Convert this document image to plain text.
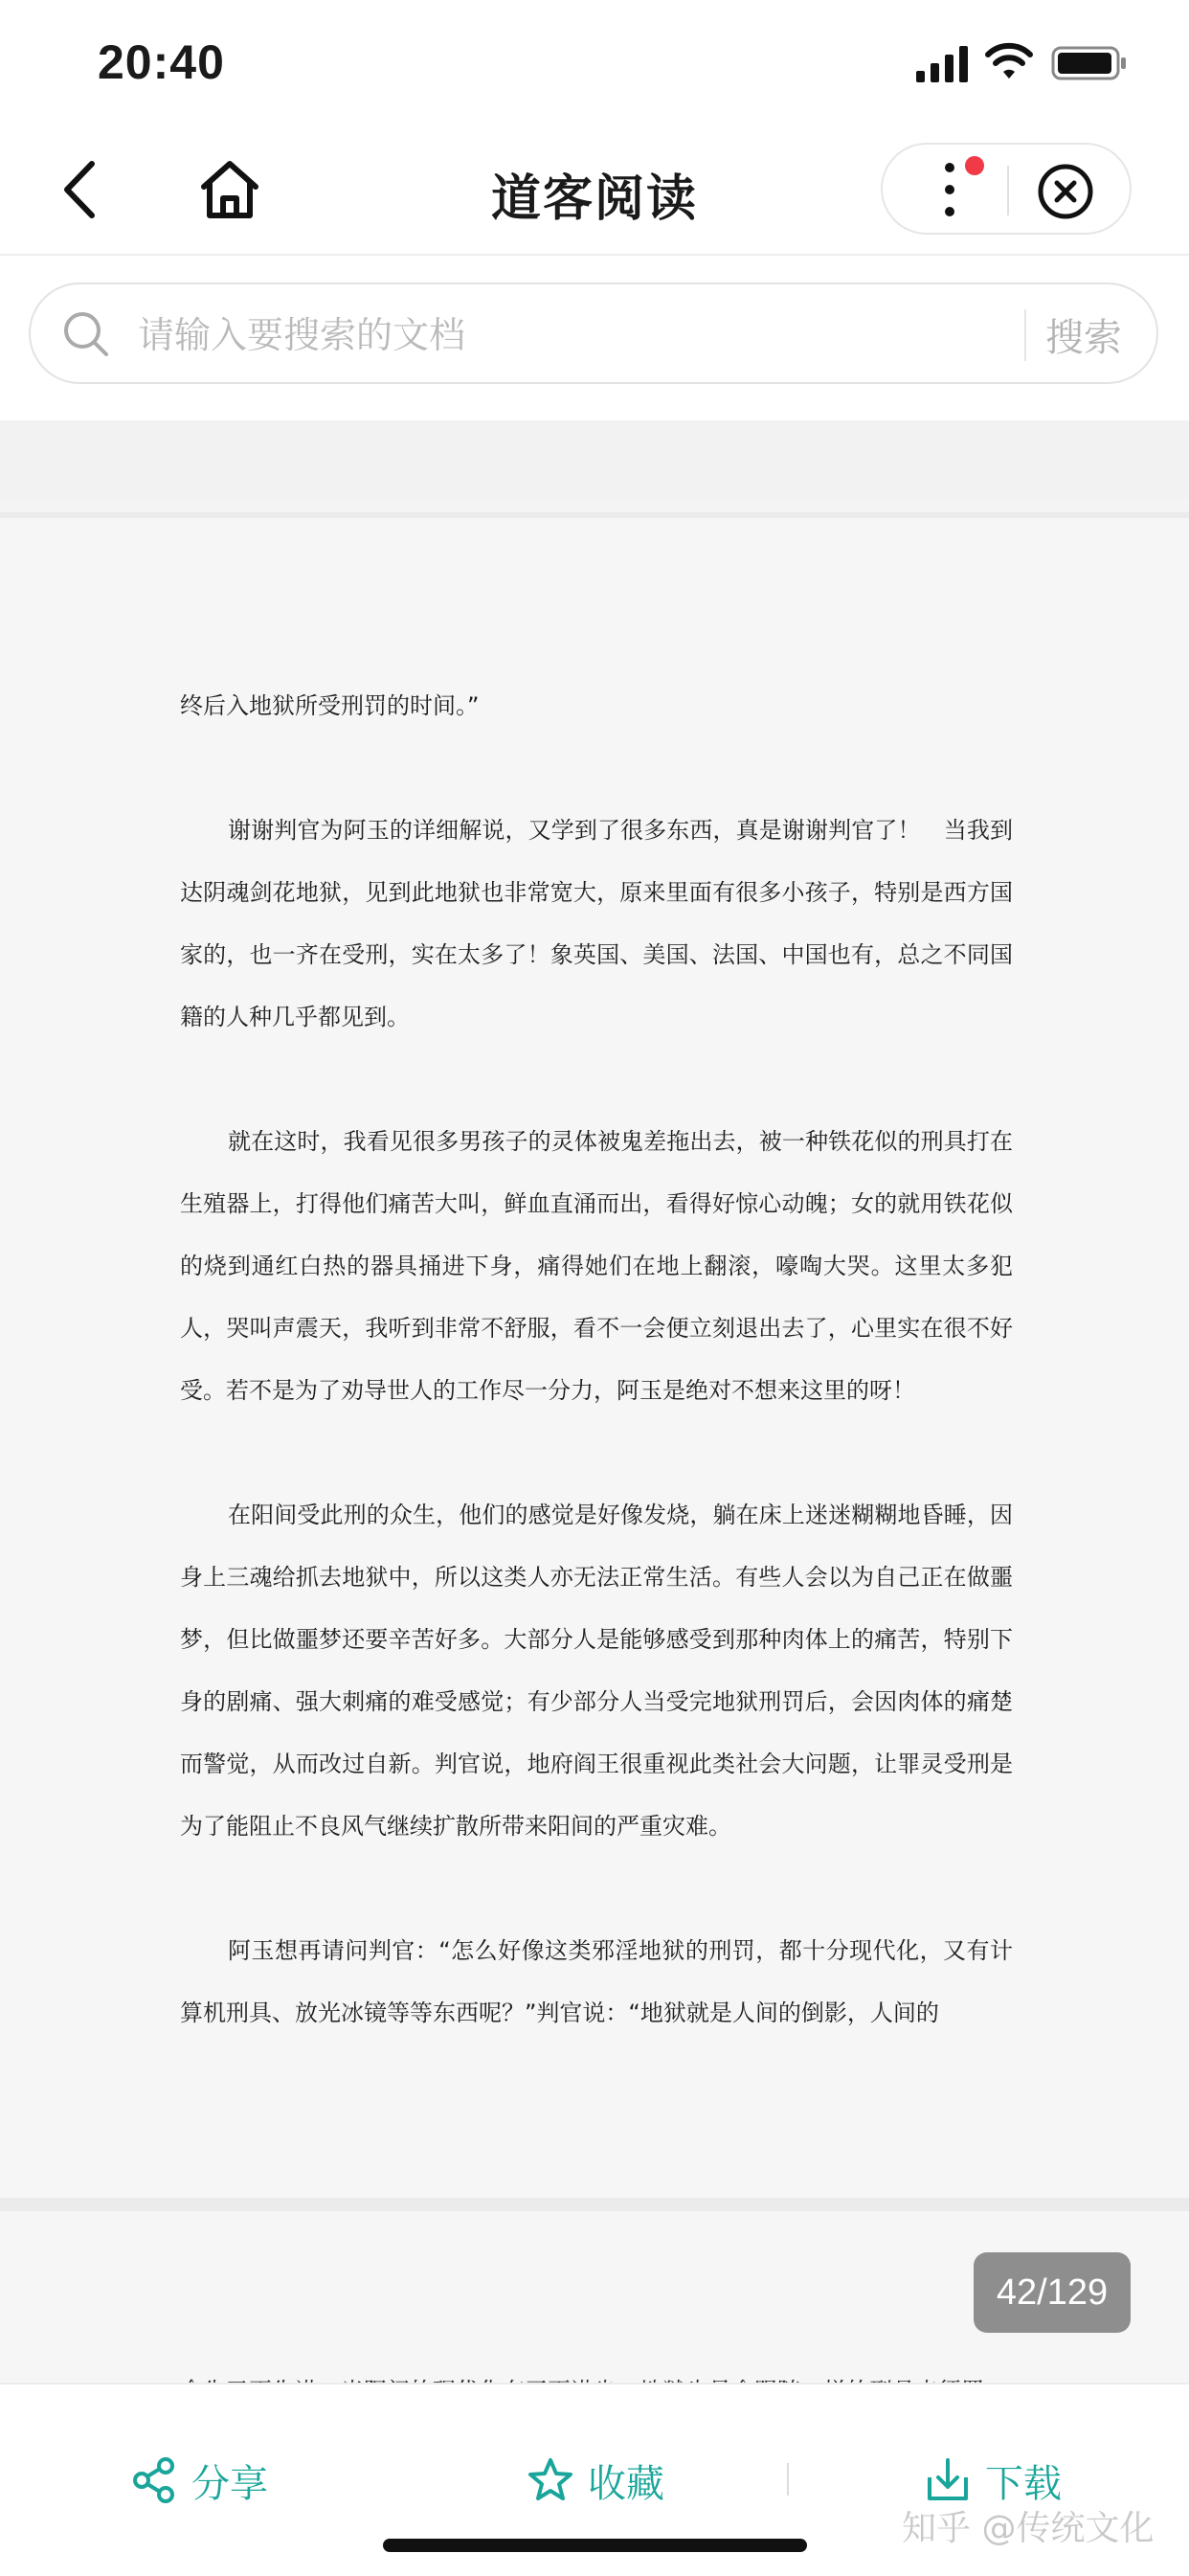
20:40
道客阅读
请输入要搜索的文档
搜索

终后入地狱所受刑罚的时间。”

谢谢判官为阿玉的详细解说，又学到了很多东西，真是谢谢判官了！　当我到达阴魂剑花地狱，见到此地狱也非常宽大，原来里面有很多小孩子，特别是西方国家的，也一齐在受刑，实在太多了！象英国、美国、法国、中国也有，总之不同国籍的人种几乎都见到。

就在这时，我看见很多男孩子的灵体被鬼差拖出去，被一种铁花似的刑具打在生殖器上，打得他们痛苦大叫，鲜血直涌而出，看得好惊心动魄；女的就用铁花似的烧到通红白热的器具捅进下身，痛得她们在地上翻滚，嚎啕大哭。这里太多犯人，哭叫声震天，我听到非常不舒服，看不一会便立刻退出去了，心里实在很不好受。若不是为了劝导世人的工作尽一分力，阿玉是绝对不想来这里的呀！

在阳间受此刑的众生，他们的感觉是好像发烧，躺在床上迷迷糊糊地昏睡，因身上三魂给抓去地狱中，所以这类人亦无法正常生活。有些人会以为自己正在做噩梦，但比做噩梦还要辛苦好多。大部分人是能够感受到那种肉体上的痛苦，特别下身的剧痛、强大刺痛的难受感觉；有少部分人当受完地狱刑罚后，会因肉体的痛楚而警觉，从而改过自新。判官说，地府阎王很重视此类社会大问题，让罪灵受刑是为了能阻止不良风气继续扩散所带来阳间的严重灾难。

阿玉想再请问判官：“怎么好像这类邪淫地狱的刑罚，都十分现代化，又有计算机刑具、放光冰镜等等东西呢？”判官说：“地狱就是人间的倒影，人间的

42/129
分享	收藏	下载
知乎 @传统文化
